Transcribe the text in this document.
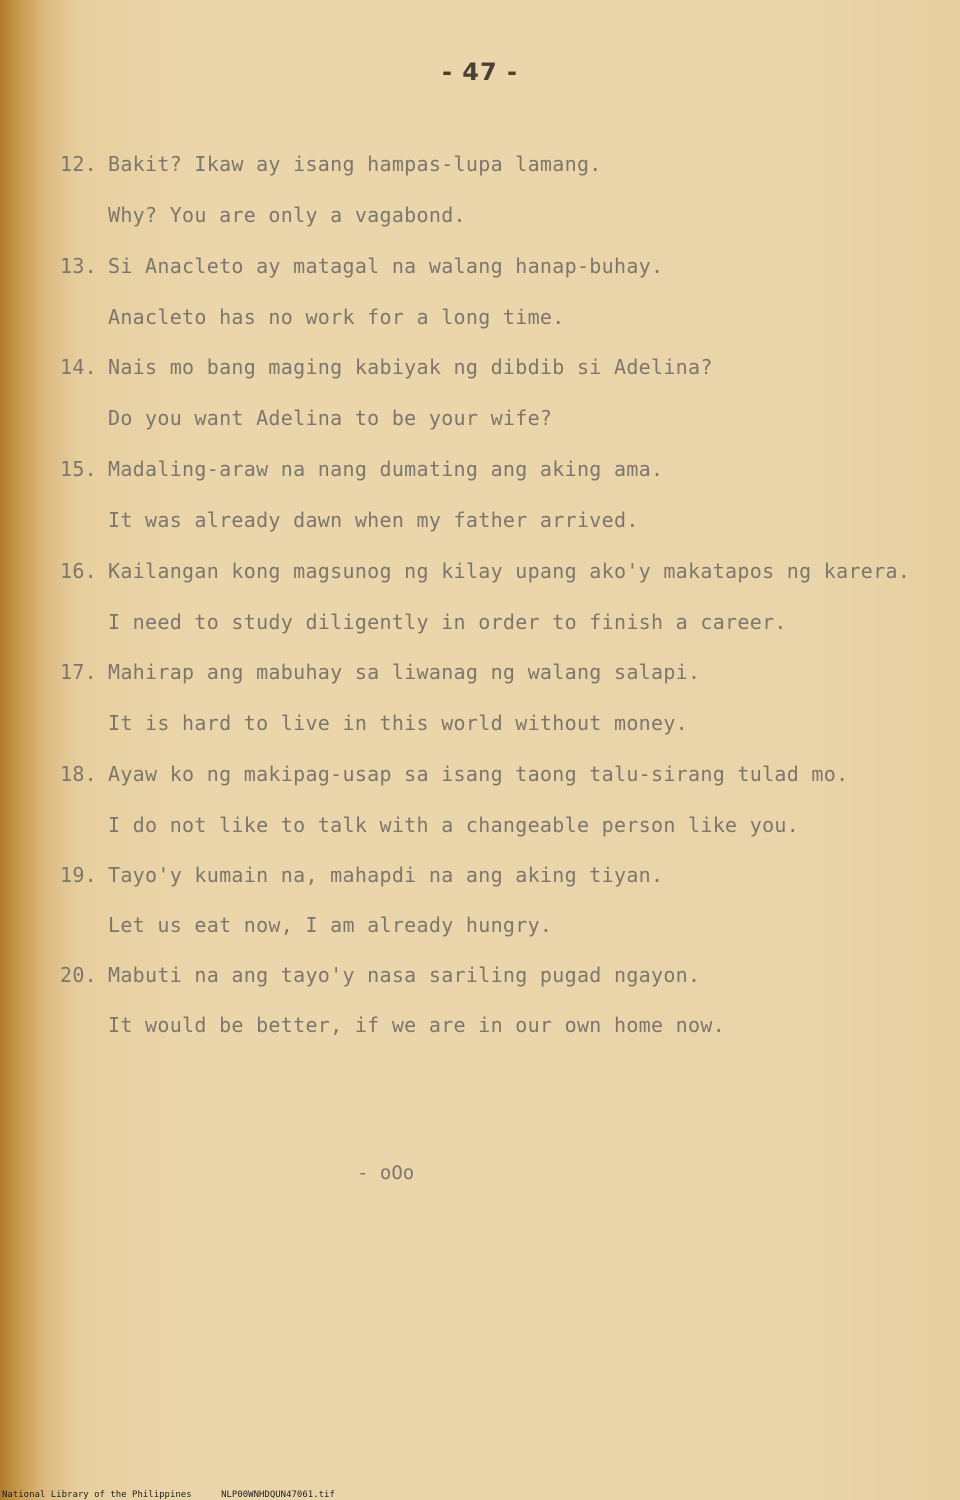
- 47 -
12. Bakit? Ikaw ay isang hampas-lupa lamang.
Why? You are only a vagabond.
13. Si Anacleto ay matagal na walang hanap-buhay.
Anacleto has no work for a long time.
14. Nais mo bang maging kabiyak ng dibdib si Adelina?
Do you want Adelina to be your wife?
15. Madaling-araw na nang dumating ang aking ama.
It was already dawn when my father arrived.
16. Kailangan kong magsunog ng kilay upang ako'y makatapos ng karera.
I need to study diligently in order to finish a career.
17. Mahirap ang mabuhay sa liwanag ng walang salapi.
It is hard to live in this world without money.
18. Ayaw ko ng makipag-usap sa isang taong talu-sirang tulad mo.
I do not like to talk with a changeable person like you.
19. Tayo'y kumain na, mahapdi na ang aking tiyan.
Let us eat now, I am already hungry.
20. Mabuti na ang tayo'y nasa sariling pugad ngayon.
It would be better, if we are in our own home now.
- oOo
National Library of the Philippines	NLP00WNHDQUN47061.tif
